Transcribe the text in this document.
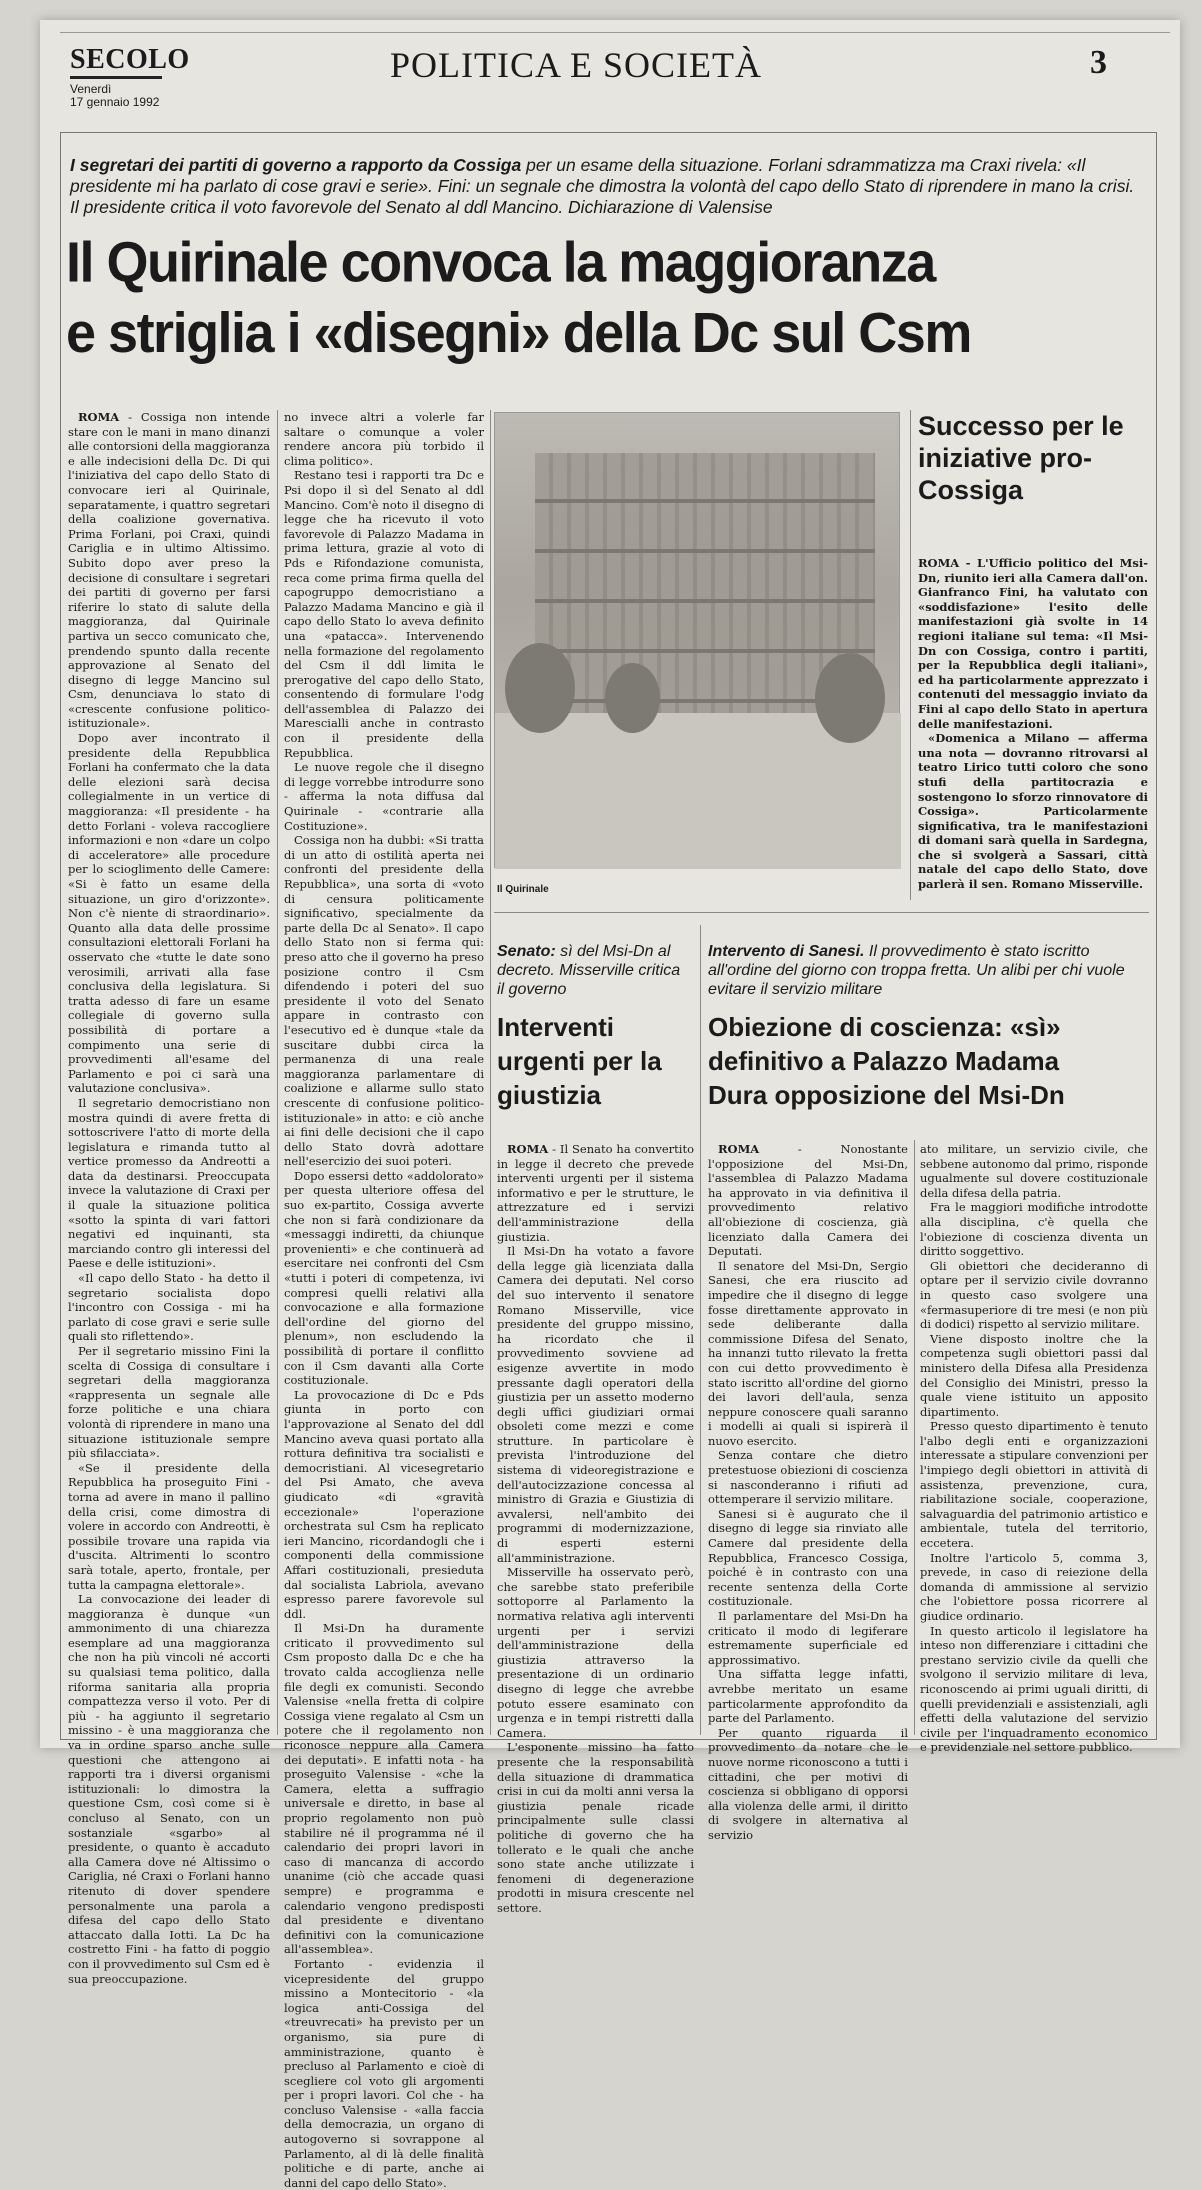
SECOLO
Venerdì
17 gennaio 1992
POLITICA E SOCIETÀ	3
I segretari dei partiti di governo a rapporto da Cossiga per un esame della situazione. Forlani sdrammatizza ma Craxi rivela: «Il presidente mi ha parlato di cose gravi e serie». Fini: un segnale che dimostra la volontà del capo dello Stato di riprendere in mano la crisi. Il presidente critica il voto favorevole del Senato al ddl Mancino. Dichiarazione di Valensise
Il Quirinale convoca la maggioranza
e striglia i «disegni» della Dc sul Csm

ROMA - Cossiga non intende stare con le mani in mano dinanzi alle contorsioni della maggioranza e alle indecisioni della Dc. Di qui l'iniziativa del capo dello Stato di convocare ieri al Quirinale, separatamente, i quattro segretari della coalizione governativa. Prima Forlani, poi Craxi, quindi Cariglia e in ultimo Altissimo. Subito dopo aver preso la decisione di consultare i segretari dei partiti di governo per farsi riferire lo stato di salute della maggioranza, dal Quirinale partiva un secco comunicato che, prendendo spunto dalla recente approvazione al Senato del disegno di legge Mancino sul Csm, denunciava lo stato di «crescente confusione politico-istituzionale».

Dopo aver incontrato il presidente della Repubblica Forlani ha confermato che la data delle elezioni sarà decisa collegialmente in un vertice di maggioranza: «Il presidente - ha detto Forlani - voleva raccogliere informazioni e non «dare un colpo di acceleratore» alle procedure per lo scioglimento delle Camere: «Si è fatto un esame della situazione, un giro d'orizzonte». Non c'è niente di straordinario». Quanto alla data delle prossime consultazioni elettorali Forlani ha osservato che «tutte le date sono verosimili, arrivati alla fase conclusiva della legislatura. Si tratta adesso di fare un esame collegiale di governo sulla possibilità di portare a compimento una serie di provvedimenti all'esame del Parlamento e poi ci sarà una valutazione conclusiva».

Il segretario democristiano non mostra quindi di avere fretta di sottoscrivere l'atto di morte della legislatura e rimanda tutto al vertice promesso da Andreotti a data da destinarsi. Preoccupata invece la valutazione di Craxi per il quale la situazione politica «sotto la spinta di vari fattori negativi ed inquinanti, sta marciando contro gli interessi del Paese e delle istituzioni».

«Il capo dello Stato - ha detto il segretario socialista dopo l'incontro con Cossiga - mi ha parlato di cose gravi e serie sulle quali sto riflettendo».

Per il segretario missino Fini la scelta di Cossiga di consultare i segretari della maggioranza «rappresenta un segnale alle forze politiche e una chiara volontà di riprendere in mano una situazione istituzionale sempre più sfilacciata».

«Se il presidente della Repubblica ha proseguito Fini - torna ad avere in mano il pallino della crisi, come dimostra di volere in accordo con Andreotti, è possibile trovare una rapida via d'uscita. Altrimenti lo scontro sarà totale, aperto, frontale, per tutta la campagna elettorale».

La convocazione dei leader di maggioranza è dunque «un ammonimento di una chiarezza esemplare ad una maggioranza che non ha più vincoli né accorti su qualsiasi tema politico, dalla riforma sanitaria alla propria compattezza verso il voto. Per di più - ha aggiunto il segretario missino - è una maggioranza che va in ordine sparso anche sulle questioni che attengono ai rapporti tra i diversi organismi istituzionali: lo dimostra la questione Csm, così come si è concluso al Senato, con un sostanziale «sgarbo» al presidente, o quanto è accaduto alla Camera dove né Altissimo o Cariglia, né Craxi o Forlani hanno ritenuto di dover spendere personalmente una parola a difesa del capo dello Stato attaccato dalla Iotti. La Dc ha costretto Fini - ha fatto di poggio con il provvedimento sul Csm ed è sua preoccupazione.

no invece altri a volerle far saltare o comunque a voler rendere ancora più torbido il clima politico».

Restano tesi i rapporti tra Dc e Psi dopo il sì del Senato al ddl Mancino. Com'è noto il disegno di legge che ha ricevuto il voto favorevole di Palazzo Madama in prima lettura, grazie al voto di Pds e Rifondazione comunista, reca come prima firma quella del capogruppo democristiano a Palazzo Madama Mancino e già il capo dello Stato lo aveva definito una «patacca». Intervenendo nella formazione del regolamento del Csm il ddl limita le prerogative del capo dello Stato, consentendo di formulare l'odg dell'assemblea di Palazzo dei Marescialli anche in contrasto con il presidente della Repubblica.

Le nuove regole che il disegno di legge vorrebbe introdurre sono - afferma la nota diffusa dal Quirinale - «contrarie alla Costituzione».

Cossiga non ha dubbi: «Si tratta di un atto di ostilità aperta nei confronti del presidente della Repubblica», una sorta di «voto di censura politicamente significativo, specialmente da parte della Dc al Senato». Il capo dello Stato non si ferma qui: preso atto che il governo ha preso posizione contro il Csm difendendo i poteri del suo presidente il voto del Senato appare in contrasto con l'esecutivo ed è dunque «tale da suscitare dubbi circa la permanenza di una reale maggioranza parlamentare di coalizione e allarme sullo stato crescente di confusione politico-istituzionale» in atto: e ciò anche ai fini delle decisioni che il capo dello Stato dovrà adottare nell'esercizio dei suoi poteri.

Dopo essersi detto «addolorato» per questa ulteriore offesa del suo ex-partito, Cossiga avverte che non si farà condizionare da «messaggi indiretti, da chiunque provenienti» e che continuerà ad esercitare nei confronti del Csm «tutti i poteri di competenza, ivi compresi quelli relativi alla convocazione e alla formazione dell'ordine del giorno del plenum», non escludendo la possibilità di portare il conflitto con il Csm davanti alla Corte costituzionale.

La provocazione di Dc e Pds giunta in porto con l'approvazione al Senato del ddl Mancino aveva quasi portato alla rottura definitiva tra socialisti e democristiani. Al vicesegretario del Psi Amato, che aveva giudicato «di «gravità eccezionale» l'operazione orchestrata sul Csm ha replicato ieri Mancino, ricordandogli che i componenti della commissione Affari costituzionali, presieduta dal socialista Labriola, avevano espresso parere favorevole sul ddl.

Il Msi-Dn ha duramente criticato il provvedimento sul Csm proposto dalla Dc e che ha trovato calda accoglienza nelle file degli ex comunisti. Secondo Valensise «nella fretta di colpire Cossiga viene regalato al Csm un potere che il regolamento non riconosce neppure alla Camera dei deputati». E infatti nota - ha proseguito Valensise - «che la Camera, eletta a suffragio universale e diretto, in base al proprio regolamento non può stabilire né il programma né il calendario dei propri lavori in caso di mancanza di accordo unanime (ciò che accade quasi sempre) e programma e calendario vengono predisposti dal presidente e diventano definitivi con la comunicazione all'assemblea».

Fortanto - evidenzia il vicepresidente del gruppo missino a Montecitorio - «la logica anti-Cossiga del «treuvrecati» ha previsto per un organismo, sia pure di amministrazione, quanto è precluso al Parlamento e cioè di scegliere col voto gli argomenti per i propri lavori. Col che - ha concluso Valensise - «alla faccia della democrazia, un organo di autogoverno si sovrappone al Parlamento, al di là delle finalità politiche e di parte, anche ai danni del capo dello Stato».

Il Quirinale
Successo per le iniziative pro-Cossiga

ROMA - L'Ufficio politico del Msi-Dn, riunito ieri alla Camera dall'on. Gianfranco Fini, ha valutato con «soddisfazione» l'esito delle manifestazioni già svolte in 14 regioni italiane sul tema: «Il Msi-Dn con Cossiga, contro i partiti, per la Repubblica degli italiani», ed ha particolarmente apprezzato i contenuti del messaggio inviato da Fini al capo dello Stato in apertura delle manifestazioni.

«Domenica a Milano — afferma una nota — dovranno ritrovarsi al teatro Lirico tutti coloro che sono stufi della partitocrazia e sostengono lo sforzo rinnovatore di Cossiga». Particolarmente significativa, tra le manifestazioni di domani sarà quella in Sardegna, che si svolgerà a Sassari, città natale del capo dello Stato, dove parlerà il sen. Romano Misserville.

Senato: sì del Msi-Dn al decreto. Misserville critica il governo
Interventi urgenti per la giustizia

ROMA - Il Senato ha convertito in legge il decreto che prevede interventi urgenti per il sistema informativo e per le strutture, le attrezzature ed i servizi dell'amministrazione della giustizia.

Il Msi-Dn ha votato a favore della legge già licenziata dalla Camera dei deputati. Nel corso del suo intervento il senatore Romano Misserville, vice presidente del gruppo missino, ha ricordato che il provvedimento sovviene ad esigenze avvertite in modo pressante dagli operatori della giustizia per un assetto moderno degli uffici giudiziari ormai obsoleti come mezzi e come strutture. In particolare è prevista l'introduzione del sistema di videoregistrazione e dell'autocizzazione concessa al ministro di Grazia e Giustizia di avvalersi, nell'ambito dei programmi di modernizzazione, di esperti esterni all'amministrazione.

Misserville ha osservato però, che sarebbe stato preferibile sottoporre al Parlamento la normativa relativa agli interventi urgenti per i servizi dell'amministrazione della giustizia attraverso la presentazione di un ordinario disegno di legge che avrebbe potuto essere esaminato con urgenza e in tempi ristretti dalla Camera.

L'esponente missino ha fatto presente che la responsabilità della situazione di drammatica crisi in cui da molti anni versa la giustizia penale ricade principalmente sulle classi politiche di governo che ha tollerato e le quali che anche sono state anche utilizzate i fenomeni di degenerazione prodotti in misura crescente nel settore.

Intervento di Sanesi. Il provvedimento è stato iscritto all'ordine del giorno con troppa fretta. Un alibi per chi vuole evitare il servizio militare
Obiezione di coscienza: «sì»
definitivo a Palazzo Madama
Dura opposizione del Msi-Dn

ROMA - Nonostante l'opposizione del Msi-Dn, l'assemblea di Palazzo Madama ha approvato in via definitiva il provvedimento relativo all'obiezione di coscienza, già licenziato dalla Camera dei Deputati.

Il senatore del Msi-Dn, Sergio Sanesi, che era riuscito ad impedire che il disegno di legge fosse direttamente approvato in sede deliberante dalla commissione Difesa del Senato, ha innanzi tutto rilevato la fretta con cui detto provvedimento è stato iscritto all'ordine del giorno dei lavori dell'aula, senza neppure conoscere quali saranno i modelli ai quali si ispirerà il nuovo esercito.

Senza contare che dietro pretestuose obiezioni di coscienza si nasconderanno i rifiuti ad ottemperare il servizio militare.

Sanesi si è augurato che il disegno di legge sia rinviato alle Camere dal presidente della Repubblica, Francesco Cossiga, poiché è in contrasto con una recente sentenza della Corte costituzionale.

Il parlamentare del Msi-Dn ha criticato il modo di legiferare estremamente superficiale ed approssimativo.

Una siffatta legge infatti, avrebbe meritato un esame particolarmente approfondito da parte del Parlamento.

Per quanto riguarda il provvedimento da notare che le nuove norme riconoscono a tutti i cittadini, che per motivi di coscienza si obbligano di opporsi alla violenza delle armi, il diritto di svolgere in alternativa al servizio

ato militare, un servizio civile, che sebbene autonomo dal primo, risponde ugualmente sul dovere costituzionale della difesa della patria.

Fra le maggiori modifiche introdotte alla disciplina, c'è quella che l'obiezione di coscienza diventa un diritto soggettivo.

Gli obiettori che decideranno di optare per il servizio civile dovranno in questo caso svolgere una «fermasuperiore di tre mesi (e non più di dodici) rispetto al servizio militare.

Viene disposto inoltre che la competenza sugli obiettori passi dal ministero della Difesa alla Presidenza del Consiglio dei Ministri, presso la quale viene istituito un apposito dipartimento.

Presso questo dipartimento è tenuto l'albo degli enti e organizzazioni interessate a stipulare convenzioni per l'impiego degli obiettori in attività di assistenza, prevenzione, cura, riabilitazione sociale, cooperazione, salvaguardia del patrimonio artistico e ambientale, tutela del territorio, eccetera.

Inoltre l'articolo 5, comma 3, prevede, in caso di reiezione della domanda di ammissione al servizio che l'obiettore possa ricorrere al giudice ordinario.

In questo articolo il legislatore ha inteso non differenziare i cittadini che prestano servizio civile da quelli che svolgono il servizio militare di leva, riconoscendo ai primi uguali diritti, di quelli previdenziali e assistenziali, agli effetti della valutazione del servizio civile per l'inquadramento economico e previdenziale nel settore pubblico.
